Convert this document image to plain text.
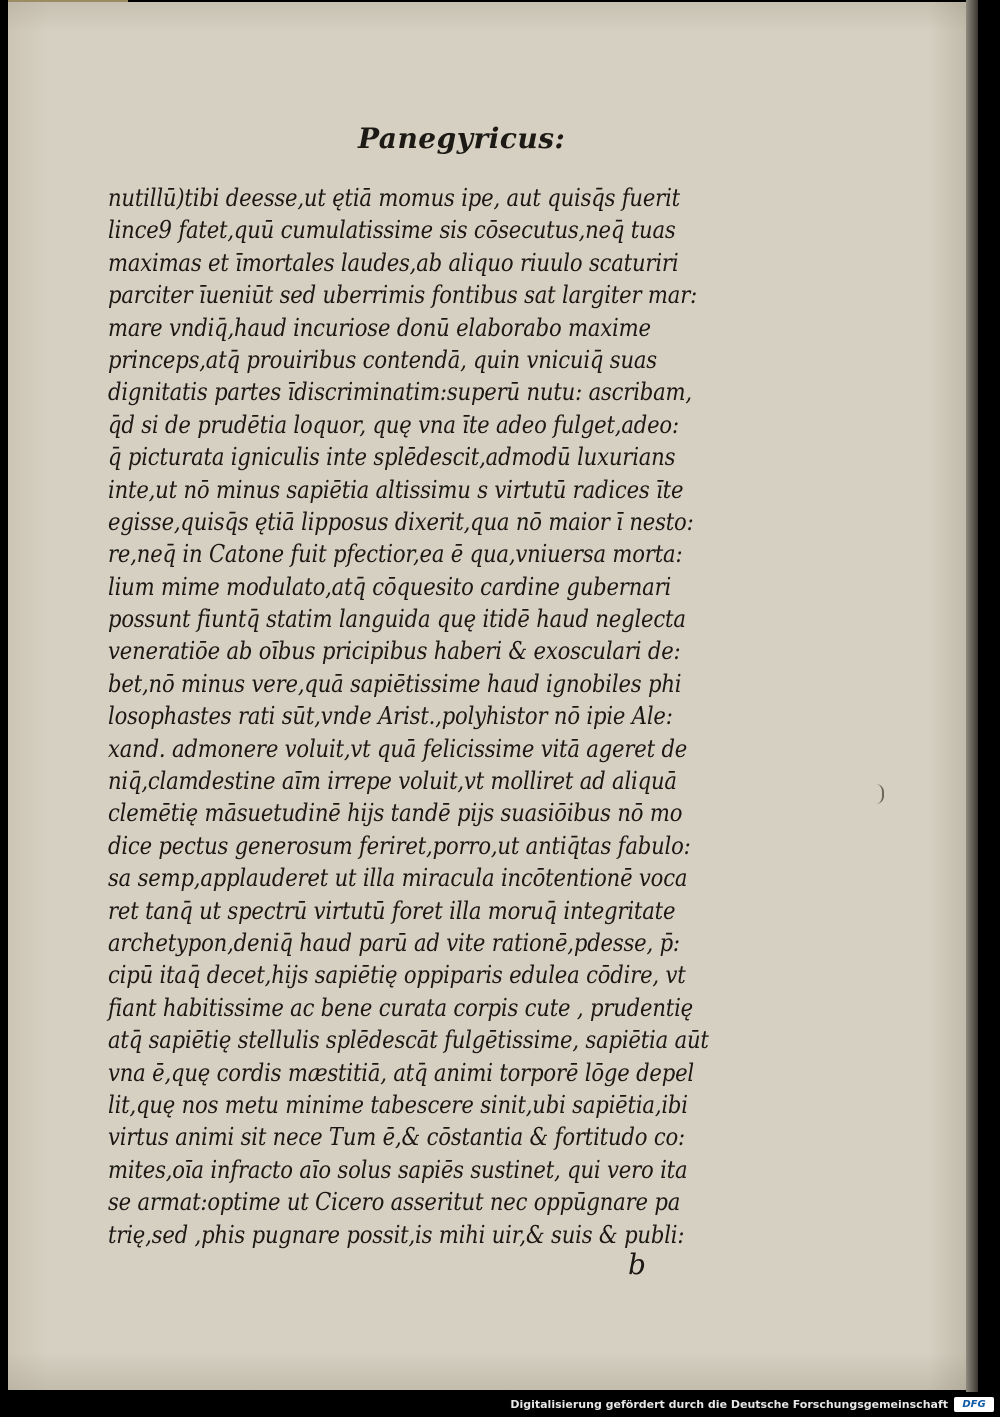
Panegyricus:
nutillū)tibi deesse,ut ętiā momus ipe, aut quisq̄s fuerit
lince9 fatet,quū cumulatissime sis cōsecutus,neq̄ tuas
maximas et īmortales laudes,ab aliquo riuulo scaturiri
parciter īueniūt sed uberrimis fontibus sat largiter mar:
mare vndiq̄,haud incuriose donū elaborabo maxime
princeps,atq̄ prouiribus contendā, quin vnicuiq̄ suas
dignitatis partes īdiscriminatim:superū nutu: ascribam,
q̄d si de prudētia loquor, quę vna īte adeo fulget,adeo:
q̄ picturata igniculis inte splēdescit,admodū luxurians
inte,ut nō minus sapiētia altissimu s virtutū radices īte
egisse,quisq̄s ętiā lipposus dixerit,qua nō maior ī nesto:
re,neq̄ in Catone fuit pfectior,ea ē qua,vniuersa morta:
lium mime modulato,atq̄ cōquesito cardine gubernari
possunt fiuntq̄ statim languida quę itidē haud neglecta
veneratiōe ab oībus pricipibus haberi & exosculari de:
bet,nō minus vere,quā sapiētissime haud ignobiles phi
losophastes rati sūt,vnde Arist.,polyhistor nō ipie Ale:
xand. admonere voluit,vt quā felicissime vitā ageret de
niq̄,clamdestine aīm irrepe voluit,vt molliret ad aliquā
clemētię māsuetudinē hijs tandē pijs suasiōibus nō mo
dice pectus generosum feriret,porro,ut antiq̄tas fabulo:
sa semp,applauderet ut illa miracula incōtentionē voca
ret tanq̄ ut spectrū virtutū foret illa moruq̄ integritate
archetypon,deniq̄ haud parū ad vite rationē,pdesse, p̄:
cipū itaq̄ decet,hijs sapiētię oppiparis edulea cōdire, vt
fiant habitissime ac bene curata corpis cute , prudentię
atq̄ sapiētię stellulis splēdescāt fulgētissime, sapiētia aūt
vna ē,quę cordis mæstitiā, atq̄ animi torporē lōge depel
lit,quę nos metu minime tabescere sinit,ubi sapiētia,ibi
virtus animi sit nece Tum ē,& cōstantia & fortitudo co:
mites,oīa infracto aīo solus sapiēs sustinet, qui vero ita
se armat:optime ut Cicero asseritut nec oppūgnare pa
trię,sed ,phis pugnare possit,is mihi uir,& suis & publi:

b

Digitalisierung gefördert durch die Deutsche Forschungsgemeinschaft	DFG
